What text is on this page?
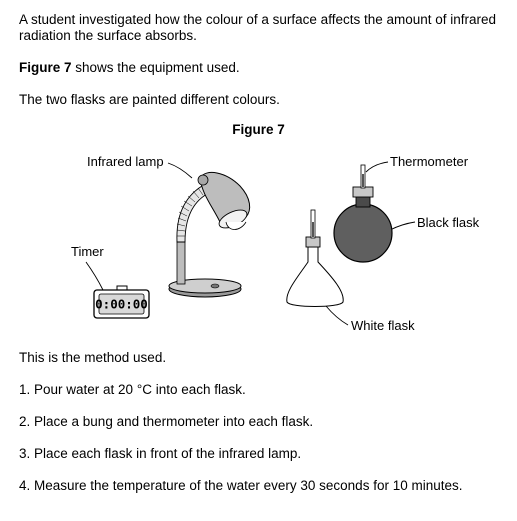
A student investigated how the colour of a surface affects the amount of infrared
radiation the surface absorbs.
Figure 7 shows the equipment used.
The two flasks are painted different colours.
Figure 7
Infrared lamp	Thermometer
Black flask
Timer
White flask
0:00:00
This is the method used.
1. Pour water at 20 °C into each flask.
2. Place a bung and thermometer into each flask.
3. Place each flask in front of the infrared lamp.
4. Measure the temperature of the water every 30 seconds for 10 minutes.
